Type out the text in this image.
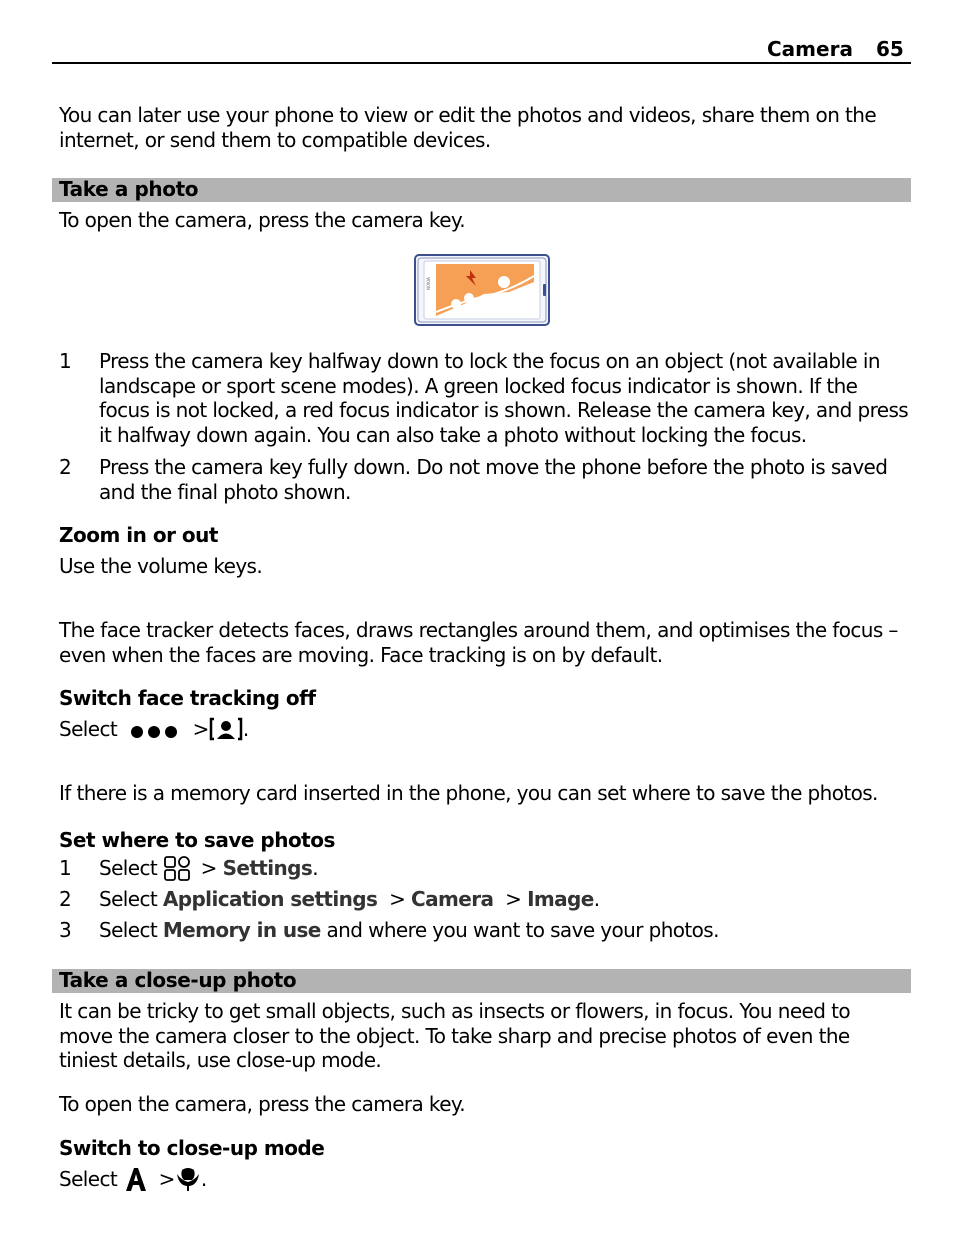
Camera 65
You can later use your phone to view or edit the photos and videos, share them on the internet, or send them to compatible devices.
Take a photo
To open the camera, press the camera key.
NOKIA
1 Press the camera key halfway down to lock the focus on an object (not available in landscape or sport scene modes). A green locked focus indicator is shown. If the focus is not locked, a red focus indicator is shown. Release the camera key, and press it halfway down again. You can also take a photo without locking the focus.
2 Press the camera key fully down. Do not move the phone before the photo is saved and the final photo shown.
Zoom in or out
Use the volume keys.
The face tracker detects faces, draws rectangles around them, and optimises the focus – even when the faces are moving. Face tracking is on by default.
Switch face tracking off
Select	> .
If there is a memory card inserted in the phone, you can set where to save the photos.
Set where to save photos
1 Select > Settings.
2 Select Application settings > Camera > Image.
3 Select Memory in use and where you want to save your photos.
Take a close-up photo
It can be tricky to get small objects, such as insects or flowers, in focus. You need to move the camera closer to the object. To take sharp and precise photos of even the tiniest details, use close-up mode.
To open the camera, press the camera key.
Switch to close-up mode
Select > .
